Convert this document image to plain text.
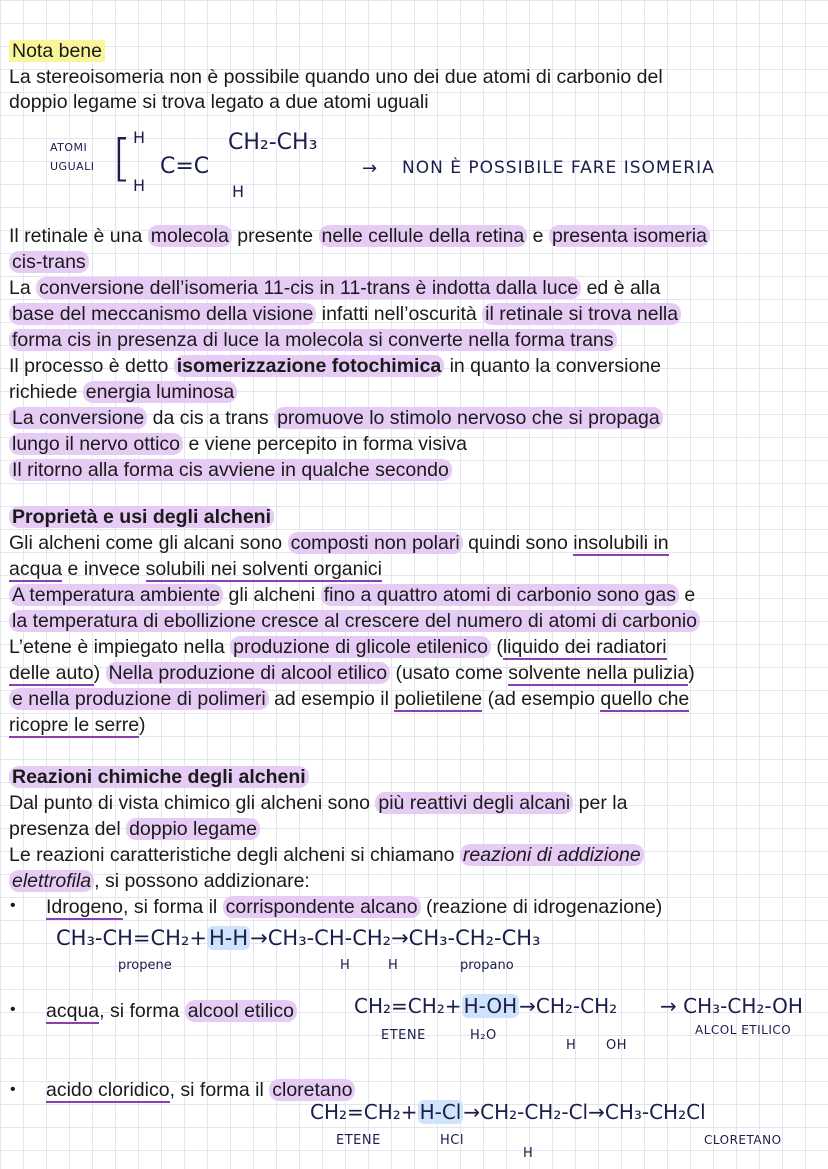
Nota bene
La stereoisomeria non è possibile quando uno dei due atomi di carbonio del
doppio legame si trova legato a due atomi uguali
ATOMI
UGUALI [ H
H
C=C
CH₂-CH₃
H
→ NON È POSSIBILE FARE ISOMERIA
Il retinale è una molecola presente nelle cellule della retina e presenta isomeria
cis-trans
La conversione dell’isomeria 11-cis in 11-trans è indotta dalla luce ed è alla
base del meccanismo della visione infatti nell’oscurità il retinale si trova nella
forma cis in presenza di luce la molecola si converte nella forma trans
Il processo è detto isomerizzazione fotochimica in quanto la conversione
richiede energia luminosa
La conversione da cis a trans promuove lo stimolo nervoso che si propaga
lungo il nervo ottico e viene percepito in forma visiva
Il ritorno alla forma cis avviene in qualche secondo
Proprietà e usi degli alcheni
Gli alcheni come gli alcani sono composti non polari quindi sono insolubili in
acqua e invece solubili nei solventi organici
A temperatura ambiente gli alcheni fino a quattro atomi di carbonio sono gas e
la temperatura di ebollizione cresce al crescere del numero di atomi di carbonio
L’etene è impiegato nella produzione di glicole etilenico (liquido dei radiatori
delle auto) Nella produzione di alcool etilico (usato come solvente nella pulizia)
e nella produzione di polimeri ad esempio il polietilene (ad esempio quello che
ricopre le serre)
Reazioni chimiche degli alcheni
Dal punto di vista chimico gli alcheni sono più reattivi degli alcani per la
presenza del doppio legame
Le reazioni caratteristiche degli alcheni si chiamano reazioni di addizione
elettrofila , si possono addizionare:
• Idrogeno, si forma il corrispondente alcano (reazione di idrogenazione)
CH₃-CH=CH₂+H-H→CH₃-CH-CH₂→CH₃-CH₂-CH₃
H	H
propene	propano
• acqua, si forma alcool etilico	CH₂=CH₂+ H-OH →CH₂-CH₂ → CH₃-CH₂-OH
ETENE	H₂O
H OH
ALCOL ETILICO
• acido cloridico, si forma il cloretano
CH₂=CH₂+ H-Cl →CH₂-CH₂-Cl→CH₃-CH₂Cl
ETENE	HCl
H
CLORETANO
